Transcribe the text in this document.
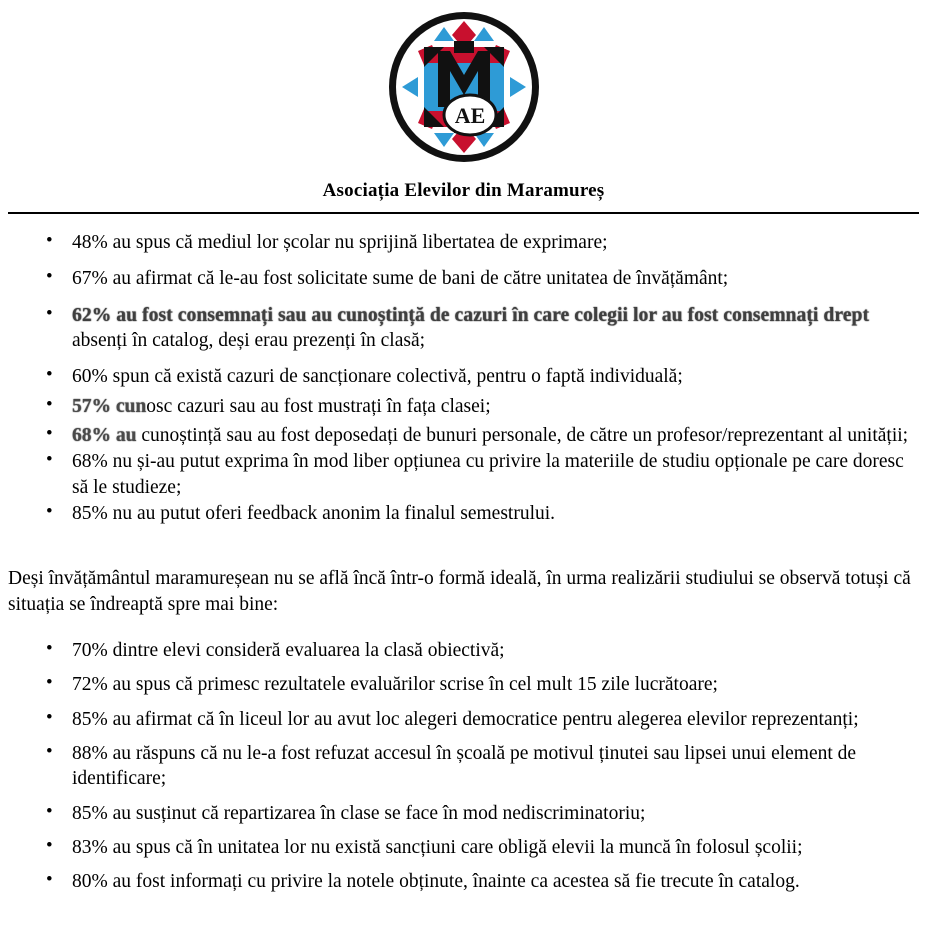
AE
Asociația Elevilor din Maramureș
• 48% au spus că mediul lor școlar nu sprijină libertatea de exprimare;
• 67% au afirmat că le-au fost solicitate sume de bani de către unitatea de învățământ;
• 62% au fost consemnați sau au cunoștință de cazuri în care colegii lor au fost consemnați drept absenți în catalog, deși erau prezenți în clasă;
• 60% spun că există cazuri de sancționare colectivă, pentru o faptă individuală;
• 57% cunosc cazuri sau au fost mustrați în fața clasei;
• 68% au cunoștință sau au fost deposedați de bunuri personale, de către un profesor/reprezentant al unității;
• 68% nu și-au putut exprima în mod liber opțiunea cu privire la materiile de studiu opționale pe care doresc să le studieze;
• 85% nu au putut oferi feedback anonim la finalul semestrului.
Deși învățământul maramureșean nu se află încă într-o formă ideală, în urma realizării studiului se observă totuși că situația se îndreaptă spre mai bine:
• 70% dintre elevi consideră evaluarea la clasă obiectivă;
• 72% au spus că primesc rezultatele evaluărilor scrise în cel mult 15 zile lucrătoare;
• 85% au afirmat că în liceul lor au avut loc alegeri democratice pentru alegerea elevilor reprezentanți;
• 88% au răspuns că nu le-a fost refuzat accesul în școală pe motivul ținutei sau lipsei unui element de identificare;
• 85% au susținut că repartizarea în clase se face în mod nediscriminatoriu;
• 83% au spus că în unitatea lor nu există sancțiuni care obligă elevii la muncă în folosul școlii;
• 80% au fost informați cu privire la notele obținute, înainte ca acestea să fie trecute în catalog.
